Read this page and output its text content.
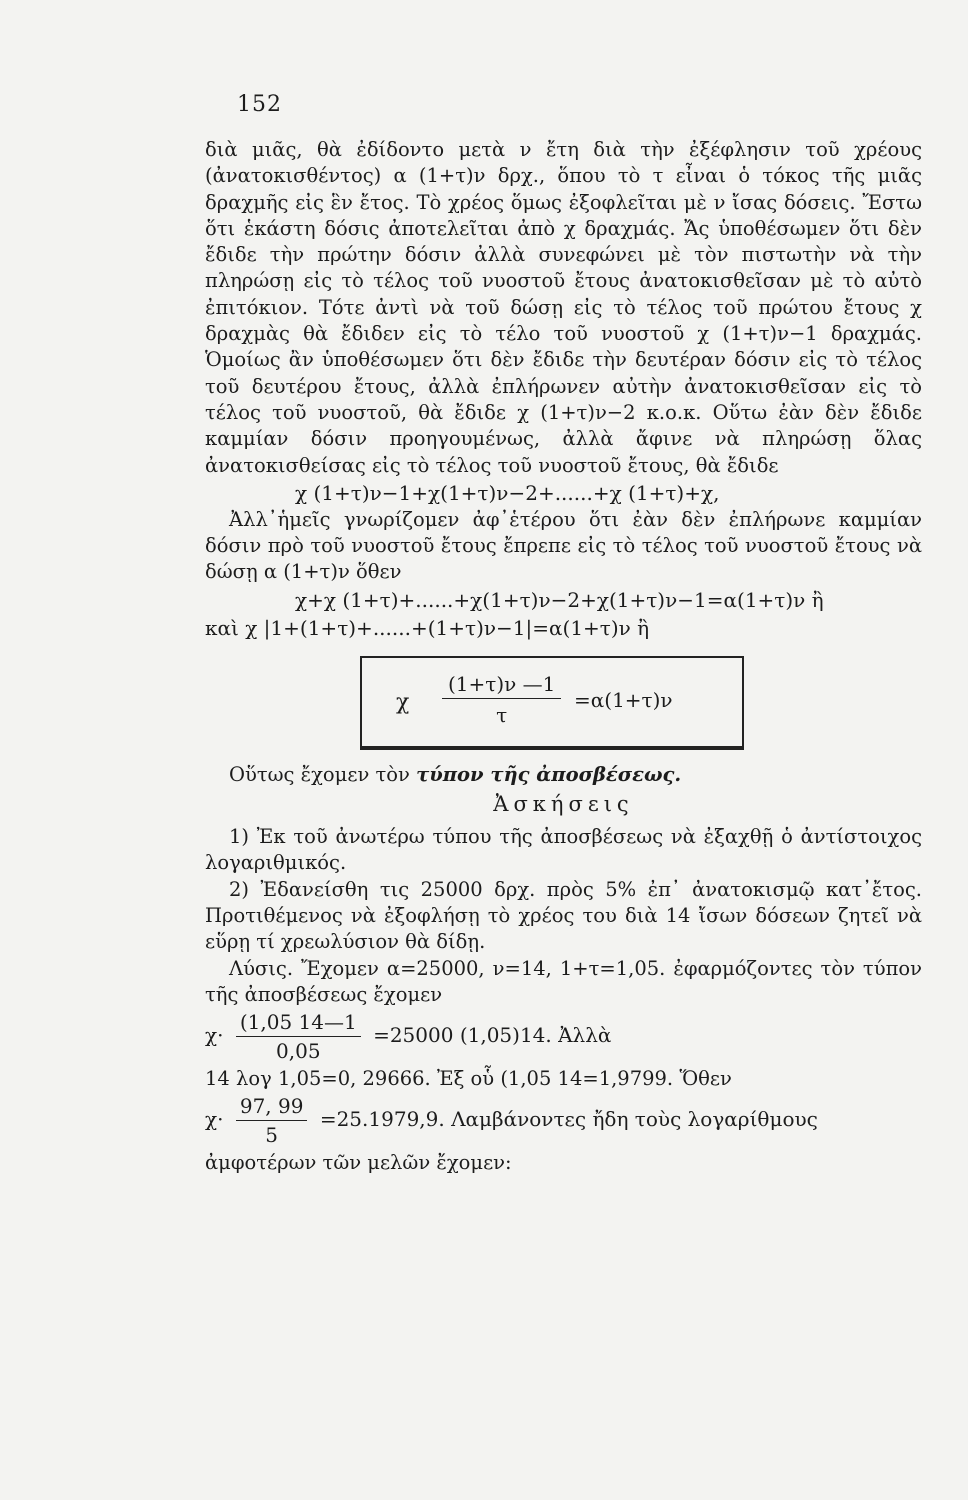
152

διὰ μιᾶς, θὰ ἐδίδοντο μετὰ ν ἔτη διὰ τὴν ἐξέφλησιν τοῦ χρέους (ἀνατοκισθέντος) α (1+τ)ν δρχ., ὅπου τὸ τ εἶναι ὁ τόκος τῆς μιᾶς δραχμῆς εἰς ἓν ἔτος. Τὸ χρέος ὅμως ἐξοφλεῖται μὲ ν ἴσας δόσεις. Ἔστω ὅτι ἑκάστη δόσις ἀποτελεῖται ἀπὸ χ δραχμάς. Ἄς ὑποθέσωμεν ὅτι δὲν ἔδιδε τὴν πρώτην δόσιν ἀλλὰ συνεφώνει μὲ τὸν πιστωτὴν νὰ τὴν πληρώσῃ εἰς τὸ τέλος τοῦ νυοστοῦ ἔτους ἀνατοκισθεῖσαν μὲ τὸ αὐτὸ ἐπιτόκιον. Τότε ἀντὶ νὰ τοῦ δώσῃ εἰς τὸ τέλος τοῦ πρώτου ἔτους χ δραχμὰς θὰ ἔδιδεν εἰς τὸ τέλο τοῦ νυοστοῦ χ (1+τ)ν−1 δραχμάς. Ὁμοίως ἂν ὑποθέσωμεν ὅτι δὲν ἔδιδε τὴν δευτέραν δόσιν εἰς τὸ τέλος τοῦ δευτέρου ἔτους, ἀλλὰ ἐπλήρωνεν αὐτὴν ἀνατοκισθεῖσαν εἰς τὸ τέλος τοῦ νυοστοῦ, θὰ ἔδιδε χ (1+τ)ν−2 κ.ο.κ. Οὕτω ἐὰν δὲν ἔδιδε καμμίαν δόσιν προηγουμένως, ἀλλὰ ἄφινε νὰ πληρώσῃ ὅλας ἀνατοκισθείσας εἰς τὸ τέλος τοῦ νυοστοῦ ἔτους, θὰ ἔδιδε

χ (1+τ)ν−1+χ(1+τ)ν−2+......+χ (1+τ)+χ,

Ἀλλ᾽ἡμεῖς γνωρίζομεν ἀφ᾽ἑτέρου ὅτι ἐὰν δὲν ἐπλήρωνε καμμίαν δόσιν πρὸ τοῦ νυοστοῦ ἔτους ἔπρεπε εἰς τὸ τέλος τοῦ νυοστοῦ ἔτους νὰ δώσῃ α (1+τ)ν ὅθεν

χ+χ (1+τ)+......+χ(1+τ)ν−2+χ(1+τ)ν−1=α(1+τ)ν ἢ

καὶ χ |1+(1+τ)+......+(1+τ)ν−1|=α(1+τ)ν ἢ

χ $\frac{(1+\tau)\nu —1}{\tau} =\alpha(1+\tau)\nu$

Οὕτως ἔχομεν τὸν τύπον τῆς ἀποσβέσεως.

Ἀσκήσεις

1) Ἐκ τοῦ ἀνωτέρω τύπου τῆς ἀποσβέσεως νὰ ἐξαχθῇ ὁ ἀντίστοιχος λογαριθμικός.

2) Ἐδανείσθη τις 25000 δρχ. πρὸς 5% ἐπ᾽ ἀνατοκισμῷ κατ᾽ἔτος. Προτιθέμενος νὰ ἐξοφλήσῃ τὸ χρέος του διὰ 14 ἴσων δόσεων ζητεῖ νὰ εὕρῃ τί χρεωλύσιον θὰ δίδῃ.

Λύσις. Ἔχομεν α=25000, ν=14, 1+τ=1,05. ἐφαρμόζοντες τὸν τύπον τῆς ἀποσβέσεως ἔχομεν

$\chi\cdot \frac{(1,05 14—1}{0,05} =25000$ (1,05)14. Ἀλλὰ

14 λογ 1,05=0, 29666. Ἐξ οὗ (1,05 14=1,9799. Ὅθεν

$\chi\cdot \frac{97, 99}{5} =25.1979,9$. Λαμβάνοντες ἤδη τοὺς λογαρίθμους

ἀμφοτέρων τῶν μελῶν ἔχομεν:
